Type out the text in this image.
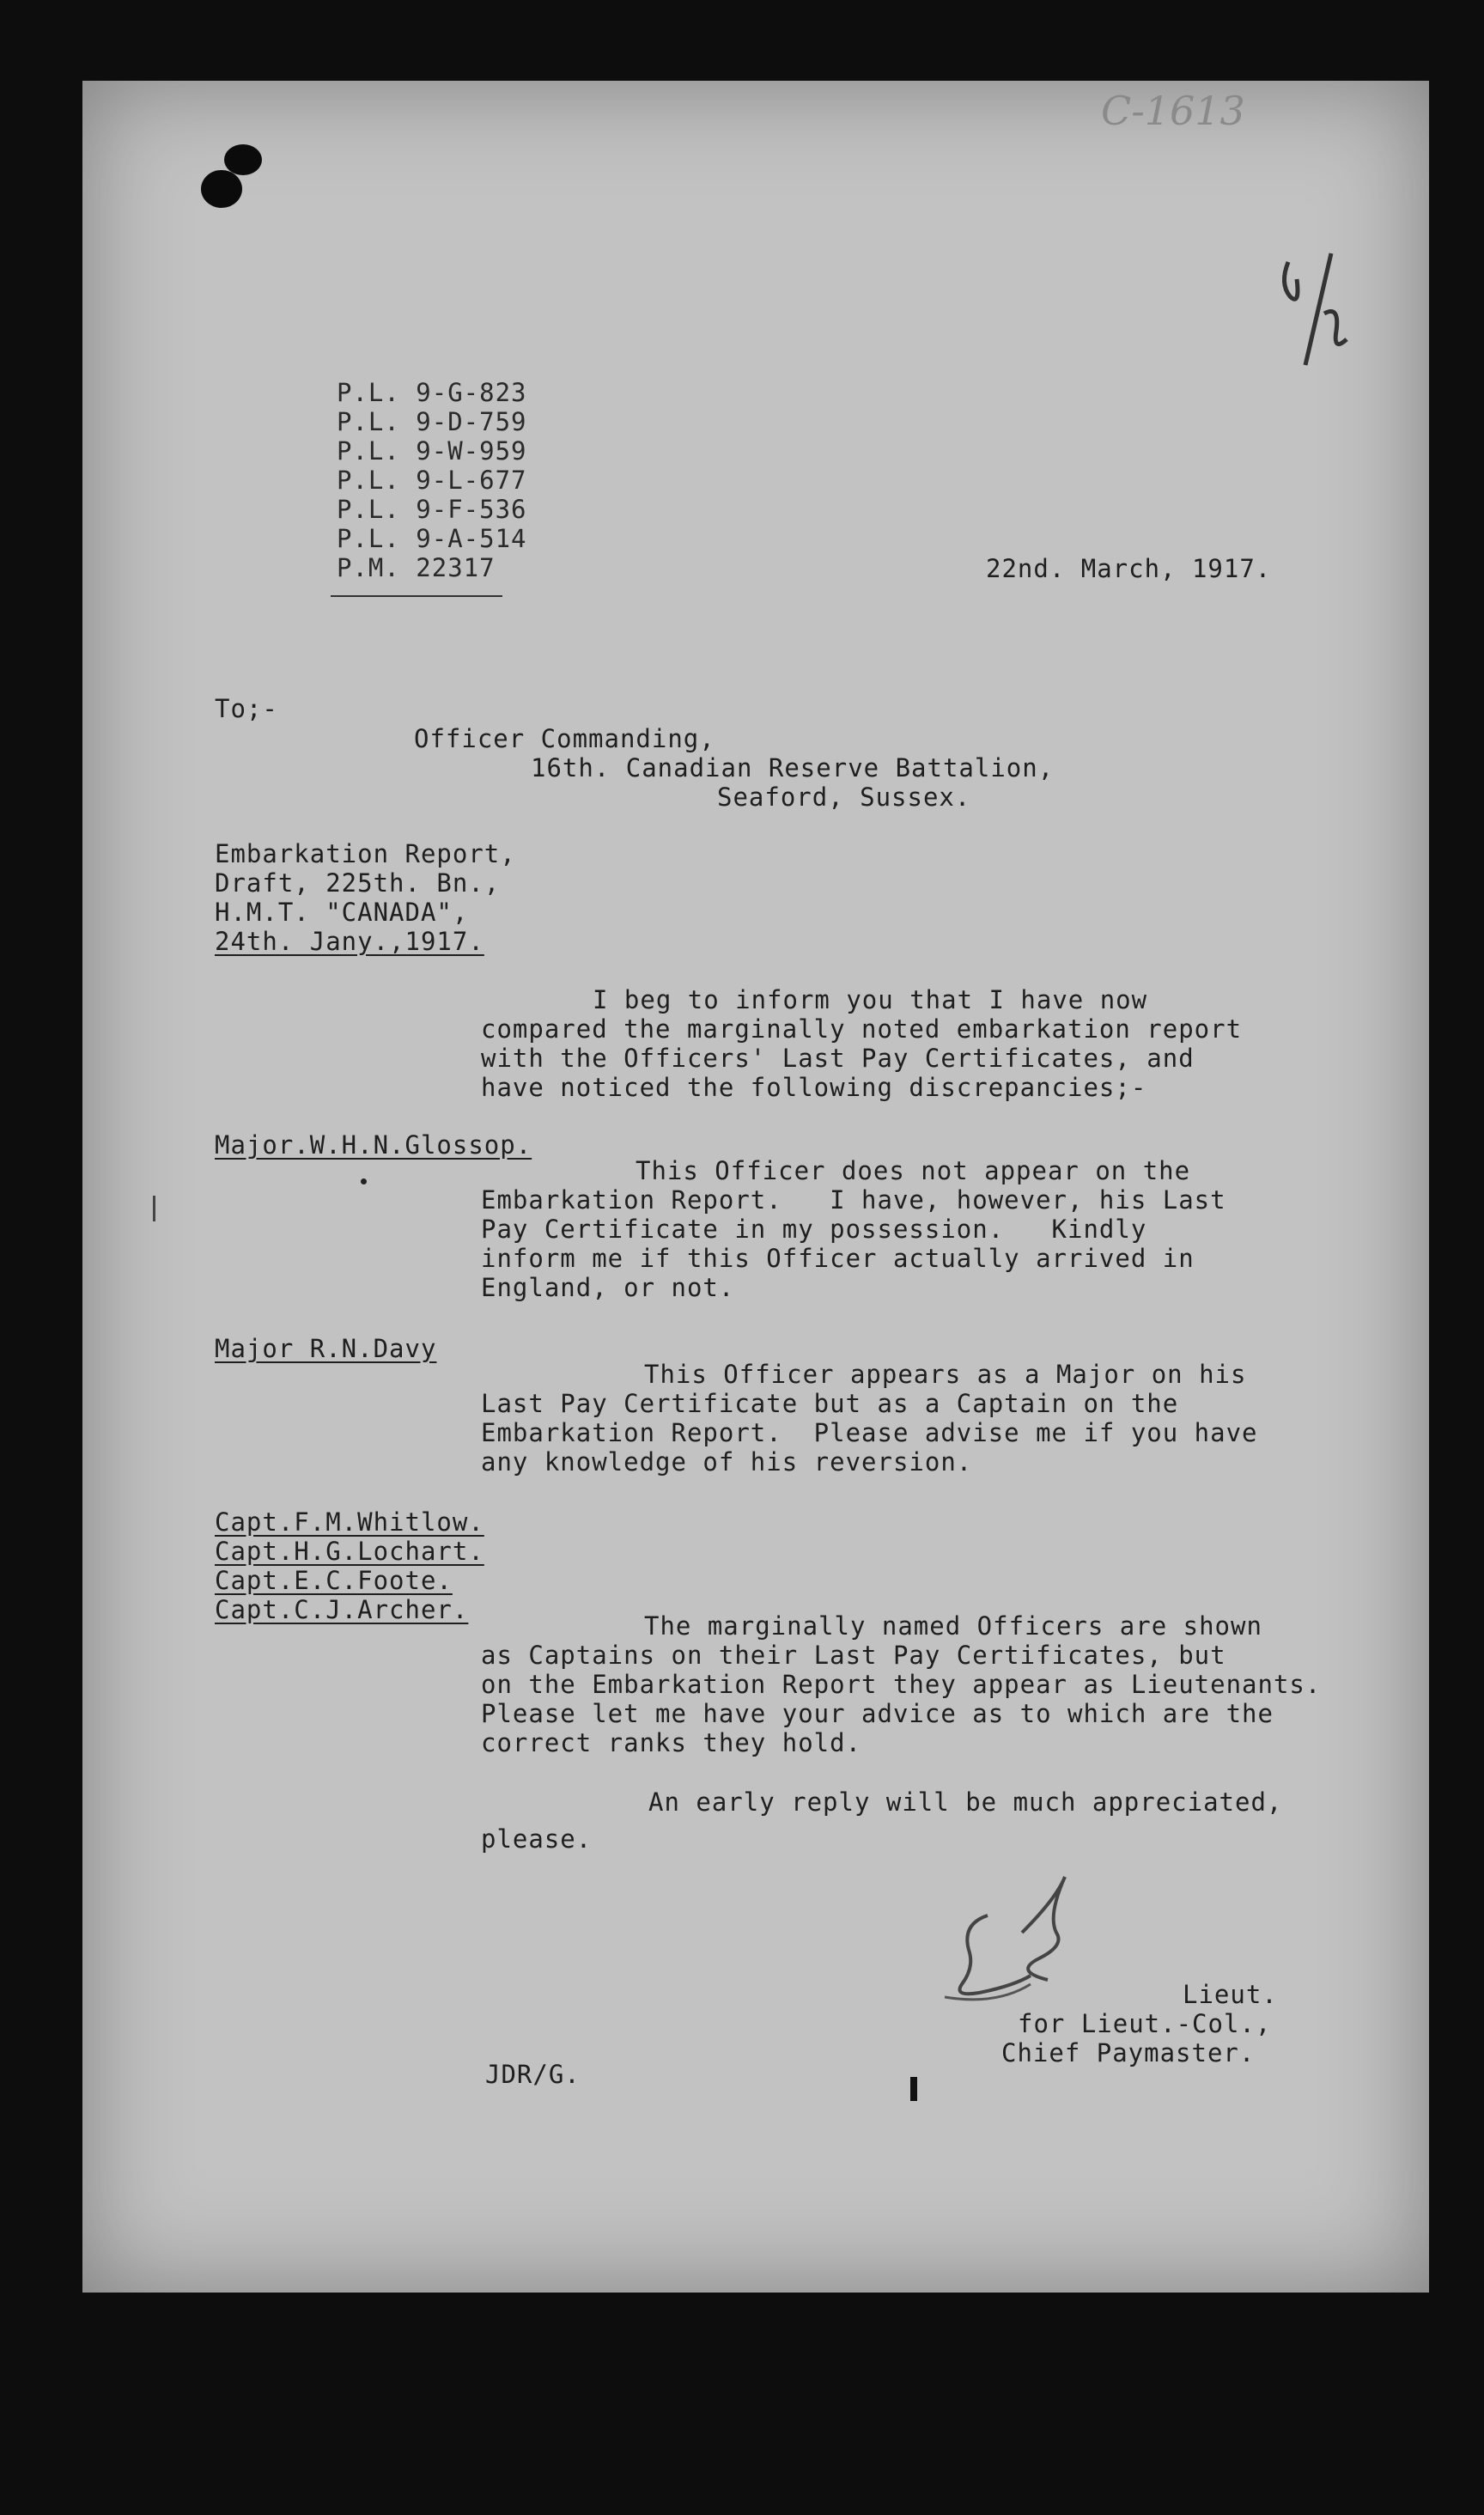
C-1613
P.L. 9-G-823
P.L. 9-D-759
P.L. 9-W-959
P.L. 9-L-677
P.L. 9-F-536
P.L. 9-A-514
P.M. 22317	22nd. March, 1917.
To;-
Officer Commanding,
16th. Canadian Reserve Battalion,
Seaford, Sussex.
Embarkation Report,
Draft, 225th. Bn.,
H.M.T. "CANADA",
24th. Jany.,1917.
I beg to inform you that I have now
compared the marginally noted embarkation report
with the Officers' Last Pay Certificates, and
have noticed the following discrepancies;-
Major.W.H.N.Glossop.
This Officer does not appear on the
Embarkation Report.   I have, however, his Last
Pay Certificate in my possession.   Kindly
inform me if this Officer actually arrived in
England, or not.
Major R.N.Davy
This Officer appears as a Major on his
Last Pay Certificate but as a Captain on the
Embarkation Report.  Please advise me if you have
any knowledge of his reversion.
Capt.F.M.Whitlow.
Capt.H.G.Lochart.
Capt.E.C.Foote.
Capt.C.J.Archer.
The marginally named Officers are shown
as Captains on their Last Pay Certificates, but
on the Embarkation Report they appear as Lieutenants.
Please let me have your advice as to which are the
correct ranks they hold.
An early reply will be much appreciated,
please.
Lieut.
for Lieut.-Col.,
Chief Paymaster.
JDR/G.
